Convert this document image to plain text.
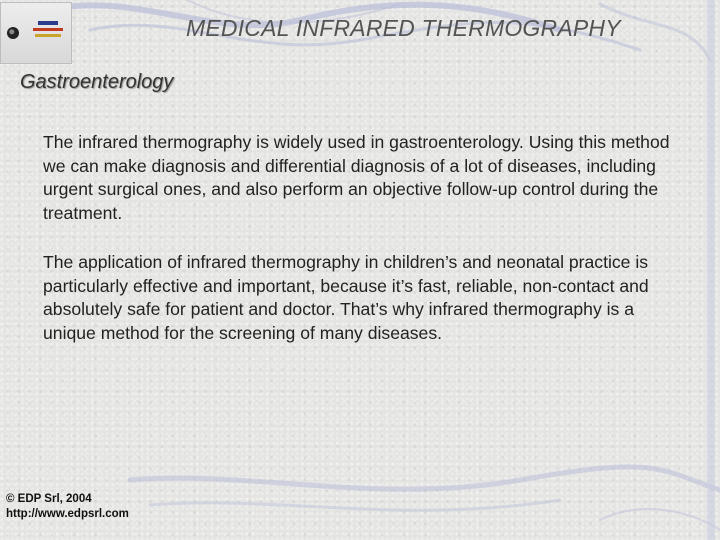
MEDICAL INFRARED THERMOGRAPHY
Gastroenterology

The infrared thermography is widely used in gastroenterology. Using this method we can make diagnosis and differential diagnosis of a lot of diseases, including urgent surgical ones, and also perform an objective follow-up control during the treatment.

The application of infrared thermography in children’s and neonatal practice is particularly effective and important, because it’s fast, reliable, non-contact and absolutely safe for patient and doctor. That’s why infrared thermography is a unique method for the screening of many diseases.

© EDP Srl, 2004
http://www.edpsrl.com
